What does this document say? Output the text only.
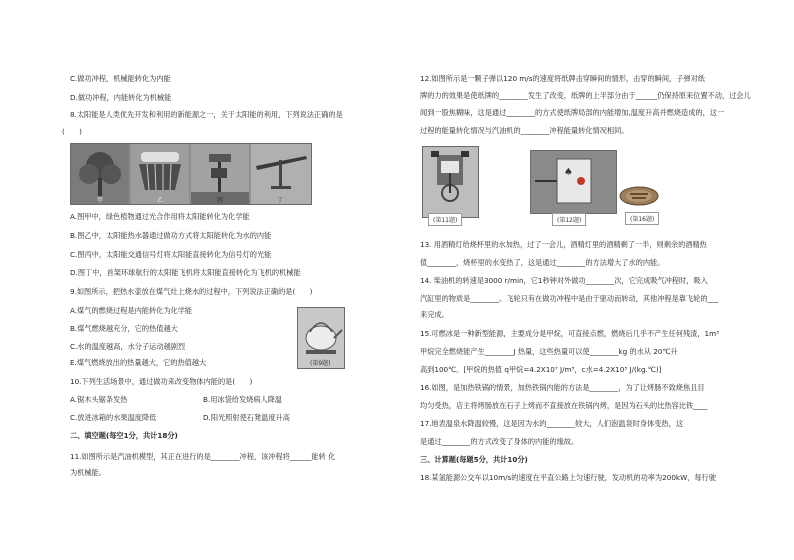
C.做功冲程，机械能转化为内能
D.做功冲程，内能转化为机械能
8.太阳能是人类优先开发和利用的新能源之一，关于太阳能的利用，下列说法正确的是
(　　)
甲	乙	丙	丁
A.图甲中，绿色植物通过光合作用将太阳能转化为化学能
B.图乙中，太阳能热水器通过做功方式将太阳能转化为水的内能
C.图丙中，太阳能交通信号灯将太阳能直接转化为信号灯的光能
D.图丁中，首架环球航行的太阳能飞机将太阳能直接转化为飞机的机械能
9.如图所示，把热水壶放在煤气灶上烧水的过程中，下列说法正确的是(　　)
A.煤气的燃烧过程是内能转化为化学能
B.煤气燃烧越充分，它的热值越大
C.水的温度越高，水分子运动越剧烈
E.煤气燃烧放出的热量越大，它的热值越大	(第9题)
10.下列生活场景中，通过做功来改变物体内能的是(　　)
A.锯木头锯条发热	B.用冰袋给发烧病人降温
C.放进冰箱的水果温度降低	D.阳光照射使石凳温度升高
二、填空题(每空1分，共计18分)
11.如图所示是汽油机模型，其正在进行的是________冲程，该冲程将______能转 化
为机械能。
12.如图所示是一颗子弹以120 m/s的速度将纸牌击穿瞬间的情形，击穿的瞬间，子弹对纸
牌的力的效果是使纸牌的________发生了改变，纸牌的上半部分由于______仍保持原来位置不动，过会儿
闻到一股焦糊味，这是通过________的方式使纸牌局部的内能增加,温度升高并燃烧造成的，这一
过程的能量转化情况与汽油机的________冲程能量转化情况相同。
(第11题)
♠
(第12题)	(第16题)
13. 用酒精灯给烧杯里的水加热，过了一会儿，酒精灯里的酒精剩了一半，则剩余的酒精热
值________，烧杯里的水变热了，这是通过________的方法增大了水的内能。
14. 柴油机的转速是3000 r/min，它1秒钟对外做功________次，它完成吸气冲程时，吸入
汽缸里的物质是________。飞轮只有在做功冲程中是由于驱动而转动，其他冲程是靠飞轮的___
来完成。
15.可燃冰是一种新型能源，主要成分是甲烷，可直接点燃，燃烧后几乎不产生任何残渣，1m³
甲烷完全燃烧能产生________J 热量，这些热量可以使________kg 的水从 20℃升
高到100℃。[甲烷的热值 q甲烷=4.2X10⁷ J/m³，c水=4.2X10³ J/(kg.℃)]
16.如图，是加热铁锅的情景，加热铁锅内能的方法是________，为了让烤肠不致烧焦且目
均匀受热，店主将烤肠放在石子上烤而不直接放在铁锅内烤，是因为石头的比热容比铁____
17.地表温泉水降温较慢，这是因为水的________较大，人们泡温泉时身体变热，这
是通过________的方式改变了身体的内能的缘故。
三、计算题(每题5分，共计10分)
18.某氢能源公交车以10m/s的速度在平直公路上匀速行驶，发动机的功率为200kW，每行驶
